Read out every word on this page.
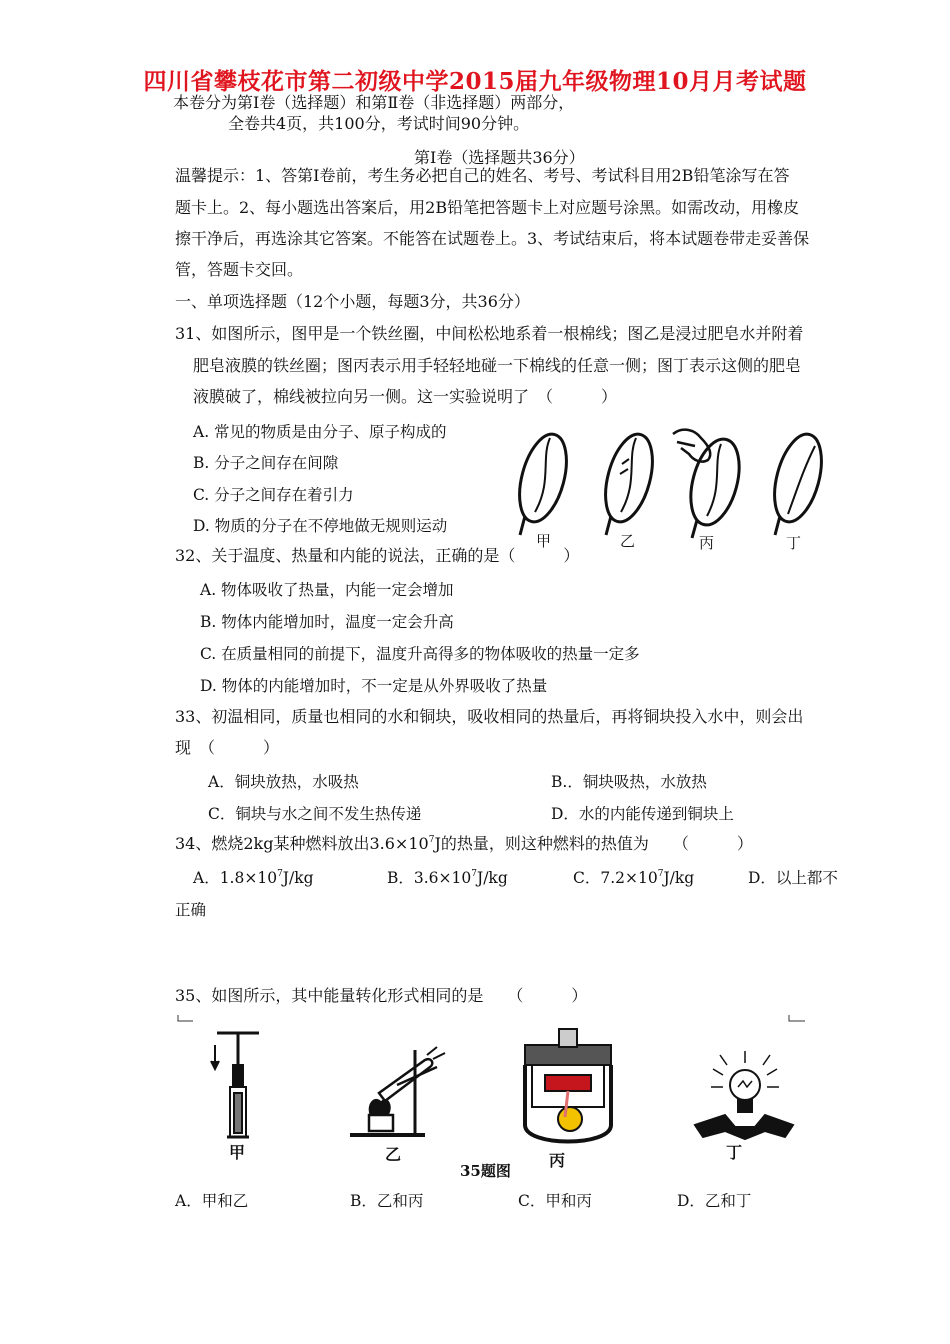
四川省攀枝花市第二初级中学2015届九年级物理10月月考试题
本卷分为第Ⅰ卷（选择题）和第Ⅱ卷（非选择题）两部分，
全卷共4页，共100分，考试时间90分钟。
第Ⅰ卷（选择题共36分）
温馨提示：1、答第Ⅰ卷前，考生务必把自己的姓名、考号、考试科目用2B铅笔涂写在答
题卡上。2、每小题选出答案后，用2B铅笔把答题卡上对应题号涂黑。如需改动，用橡皮
擦干净后，再选涂其它答案。不能答在试题卷上。3、考试结束后，将本试题卷带走妥善保
管，答题卡交回。
一、单项选择题（12个小题，每题3分，共36分）
31、如图所示，图甲是一个铁丝圈，中间松松地系着一根棉线；图乙是浸过肥皂水并附着
肥皂液膜的铁丝圈；图丙表示用手轻轻地碰一下棉线的任意一侧；图丁表示这侧的肥皂
液膜破了，棉线被拉向另一侧。这一实验说明了　（　　　）
A. 常见的物质是由分子、原子构成的
B. 分子之间存在间隙
C. 分子之间存在着引力
D. 物质的分子在不停地做无规则运动
甲	乙	丙	丁
32、关于温度、热量和内能的说法，正确的是（　　　）
A. 物体吸收了热量，内能一定会增加
B. 物体内能增加时，温度一定会升高
C. 在质量相同的前提下，温度升高得多的物体吸收的热量一定多
D. 物体的内能增加时，不一定是从外界吸收了热量
33、初温相同，质量也相同的水和铜块，吸收相同的热量后，再将铜块投入水中，则会出
现　（　　　）
A．铜块放热，水吸热	B.．铜块吸热，水放热
C．铜块与水之间不发生热传递	D．水的内能传递到铜块上
34、燃烧2kg某种燃料放出$3.6\times 10^7J$的热量，则这种燃料的热值为　　（　　　）
A．$1.8\times 10^7J/kg$	B．$3.6\times 10^7J/kg$	C．$7.2\times 10^7J/kg$	D．以上都不
正确
35、如图所示，其中能量转化形式相同的是　　（　　　）
甲	乙	丙	丁
35题图
A．甲和乙	B．乙和丙	C．甲和丙	D．乙和丁
